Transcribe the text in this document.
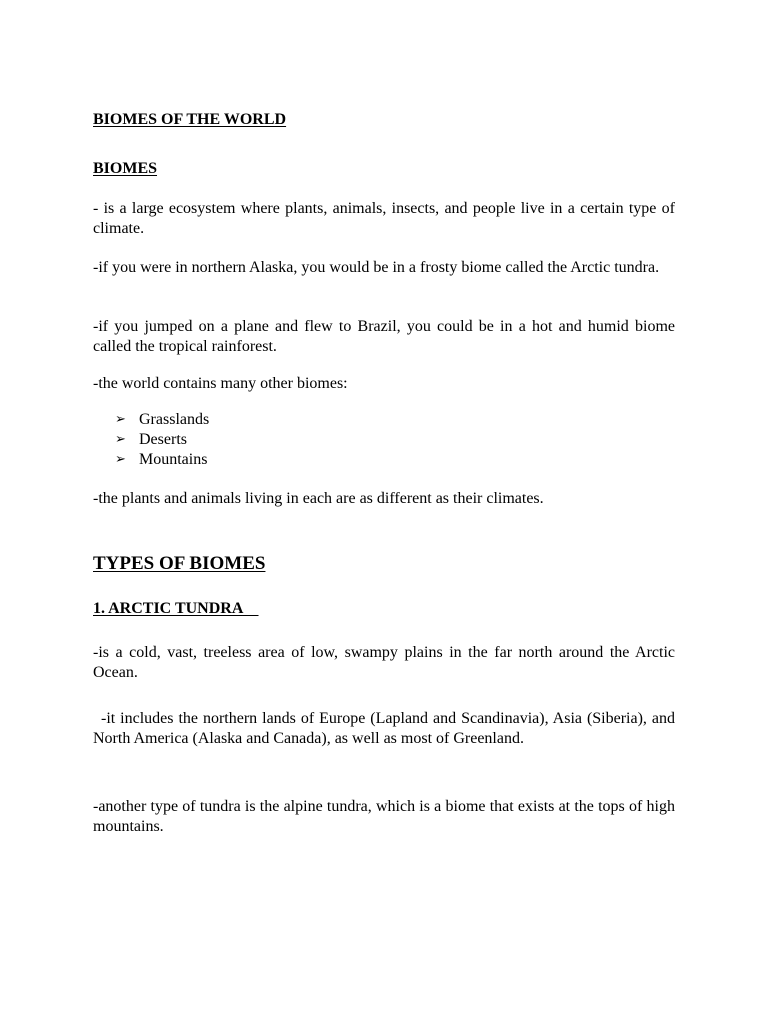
BIOMES OF THE WORLD
BIOMES

- is a large ecosystem where plants, animals, insects, and people live in a certain type of climate.

-if you were in northern Alaska, you would be in a frosty biome called the Arctic tundra.

-if you jumped on a plane and flew to Brazil, you could be in a hot and humid biome called the tropical rainforest.

-the world contains many other biomes:

➢ Grasslands
➢ Deserts
➢ Mountains

-the plants and animals living in each are as different as their climates.

TYPES OF BIOMES
1. ARCTIC TUNDRA

-is a cold, vast, treeless area of low, swampy plains in the far north around the Arctic Ocean.

-it includes the northern lands of Europe (Lapland and Scandinavia), Asia (Siberia), and North America (Alaska and Canada), as well as most of Greenland.

-another type of tundra is the alpine tundra, which is a biome that exists at the tops of high mountains.
